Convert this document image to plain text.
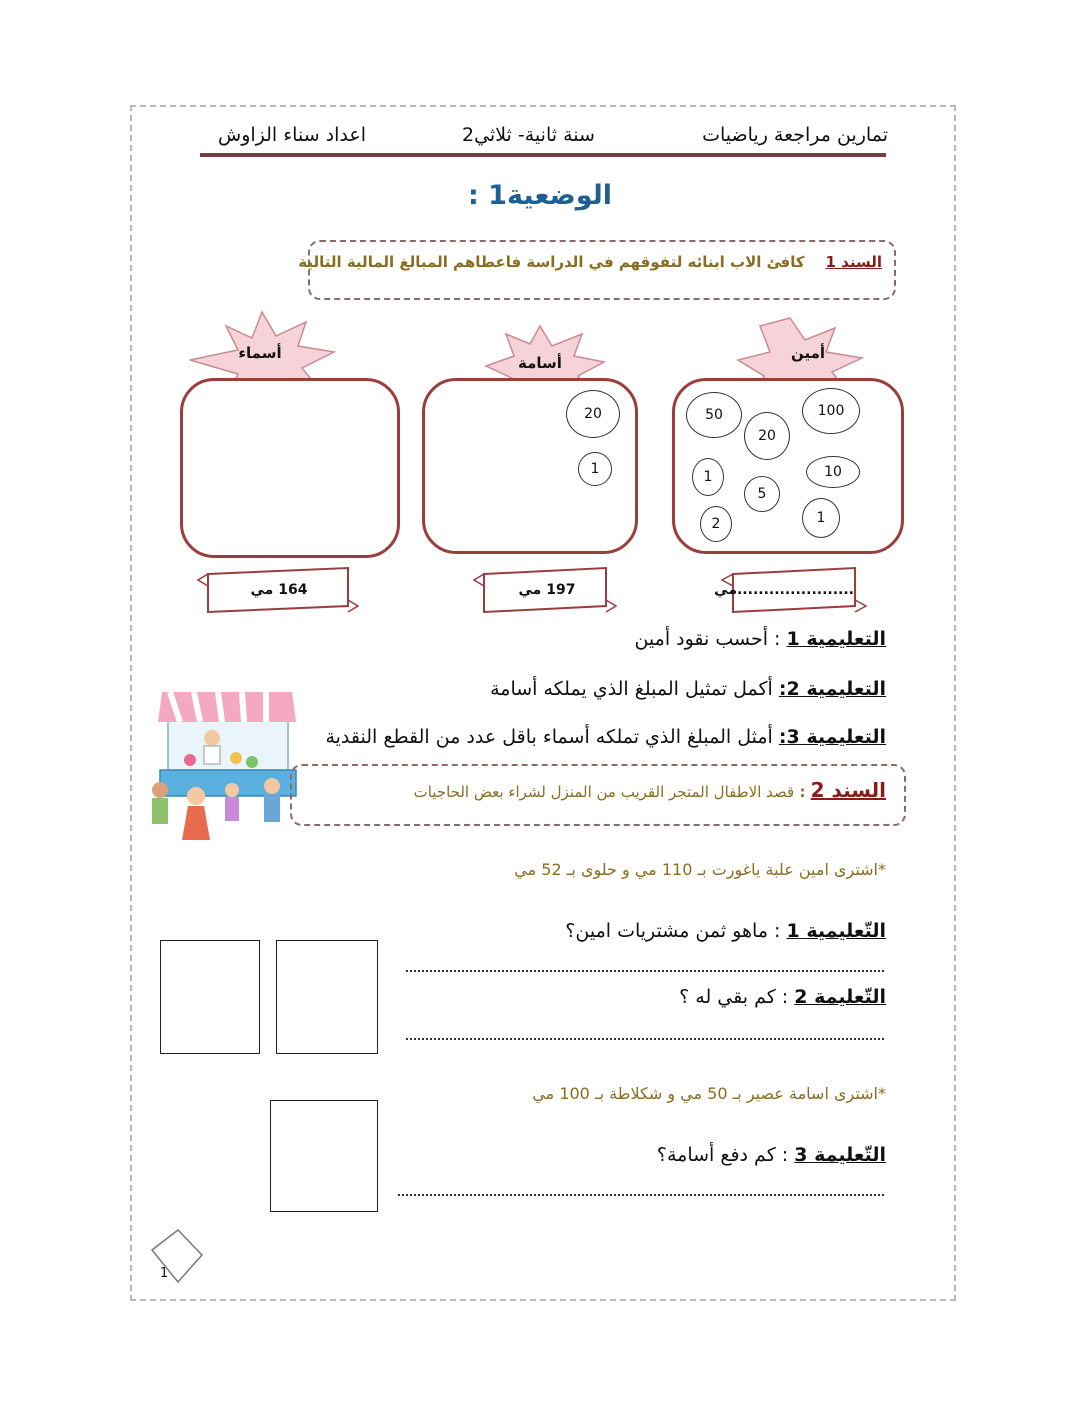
تمارين مراجعة رياضيات
سنة ثانية- ثلاثي2
اعداد سناء الزاوش
الوضعية1 :
السند 1    كافئ الاب ابنائه لتفوقهم في الدراسة فاعطاهم المبالغ المالية التالية
أمين
أسامة
أسماء
50
20
100
1
5
10
2	1
20
1
......................مي
197 مي
164 مي
التعليمية 1 : أحسب نقود أمين
التعليمية 2: أكمل تمثيل المبلغ الذي يملكه أسامة
التعليمية 3: أمثل المبلغ الذي تملكه أسماء باقل عدد من القطع النقدية
السند 2 : قصد الاطفال المتجر القريب من المنزل لشراء بعض الحاجيات
*اشترى امين علبة ياغورت بـ 110 مي و حلوى بـ 52 مي
التّعليمية 1 : ماهو ثمن مشتريات امين؟
التّعليمة 2 : كم بقي له ؟
*اشترى اسامة عصير بـ 50 مي و شكلاطة بـ 100 مي
التّعليمة 3 : كم دفع أسامة؟
1
